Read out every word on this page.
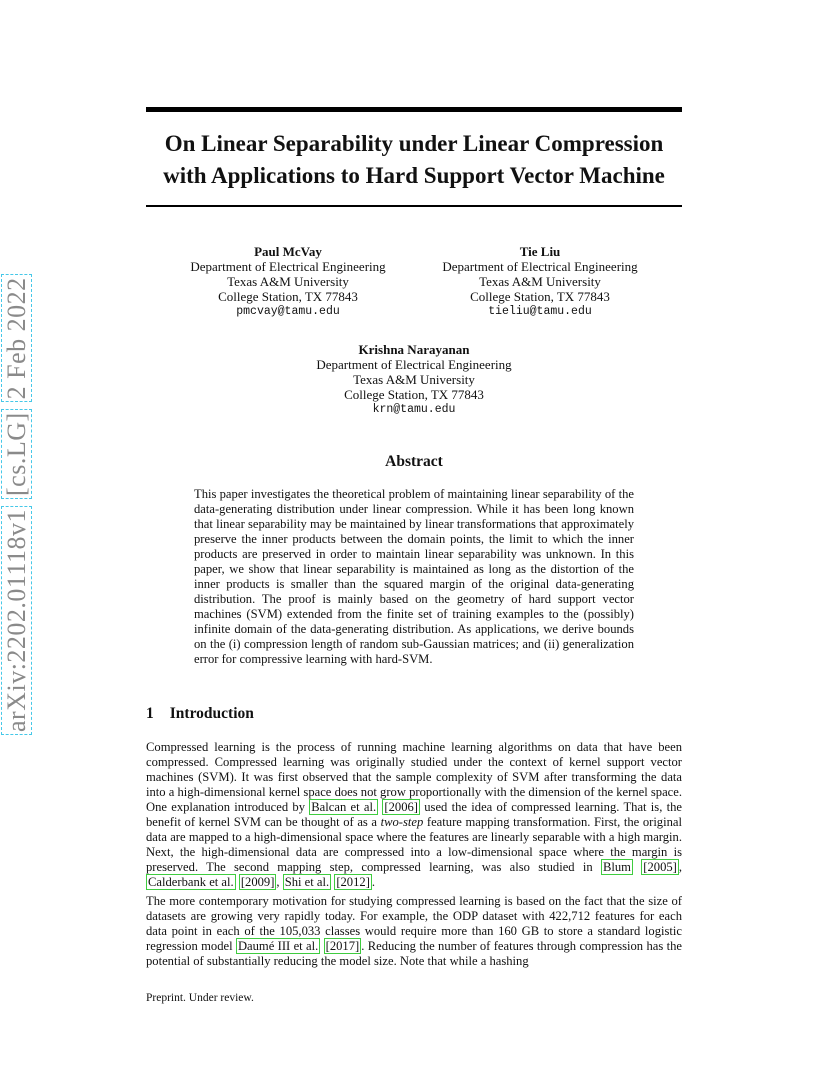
arXiv:2202.01118v1 [cs.LG] 2 Feb 2022
On Linear Separability under Linear Compression
with Applications to Hard Support Vector Machine
Paul McVay
Department of Electrical Engineering
Texas A&M University
College Station, TX 77843
pmcvay@tamu.edu
Tie Liu
Department of Electrical Engineering
Texas A&M University
College Station, TX 77843
tieliu@tamu.edu
Krishna Narayanan
Department of Electrical Engineering
Texas A&M University
College Station, TX 77843
krn@tamu.edu
Abstract

This paper investigates the theoretical problem of maintaining linear separability of the data-generating distribution under linear compression. While it has been long known that linear separability may be maintained by linear transformations that approximately preserve the inner products between the domain points, the limit to which the inner products are preserved in order to maintain linear separability was unknown. In this paper, we show that linear separability is maintained as long as the distortion of the inner products is smaller than the squared margin of the original data-generating distribution. The proof is mainly based on the geometry of hard support vector machines (SVM) extended from the finite set of training examples to the (possibly) infinite domain of the data-generating distribution. As applications, we derive bounds on the (i) compression length of random sub-Gaussian matrices; and (ii) generalization error for compressive learning with hard-SVM.

1 Introduction

Compressed learning is the process of running machine learning algorithms on data that have been compressed. Compressed learning was originally studied under the context of kernel support vector machines (SVM). It was first observed that the sample complexity of SVM after transforming the data into a high-dimensional kernel space does not grow proportionally with the dimension of the kernel space. One explanation introduced by Balcan et al. [2006] used the idea of compressed learning. That is, the benefit of kernel SVM can be thought of as a two-step feature mapping transformation. First, the original data are mapped to a high-dimensional space where the features are linearly separable with a high margin. Next, the high-dimensional data are compressed into a low-dimensional space where the margin is preserved. The second mapping step, compressed learning, was also studied in Blum [2005] , Calderbank et al. [2009] , Shi et al. [2012] .

The more contemporary motivation for studying compressed learning is based on the fact that the size of datasets are growing very rapidly today. For example, the ODP dataset with 422,712 features for each data point in each of the 105,033 classes would require more than 160 GB to store a standard logistic regression model Daumé III et al. [2017] . Reducing the number of features through compression has the potential of substantially reducing the model size. Note that while a hashing

Preprint. Under review.
